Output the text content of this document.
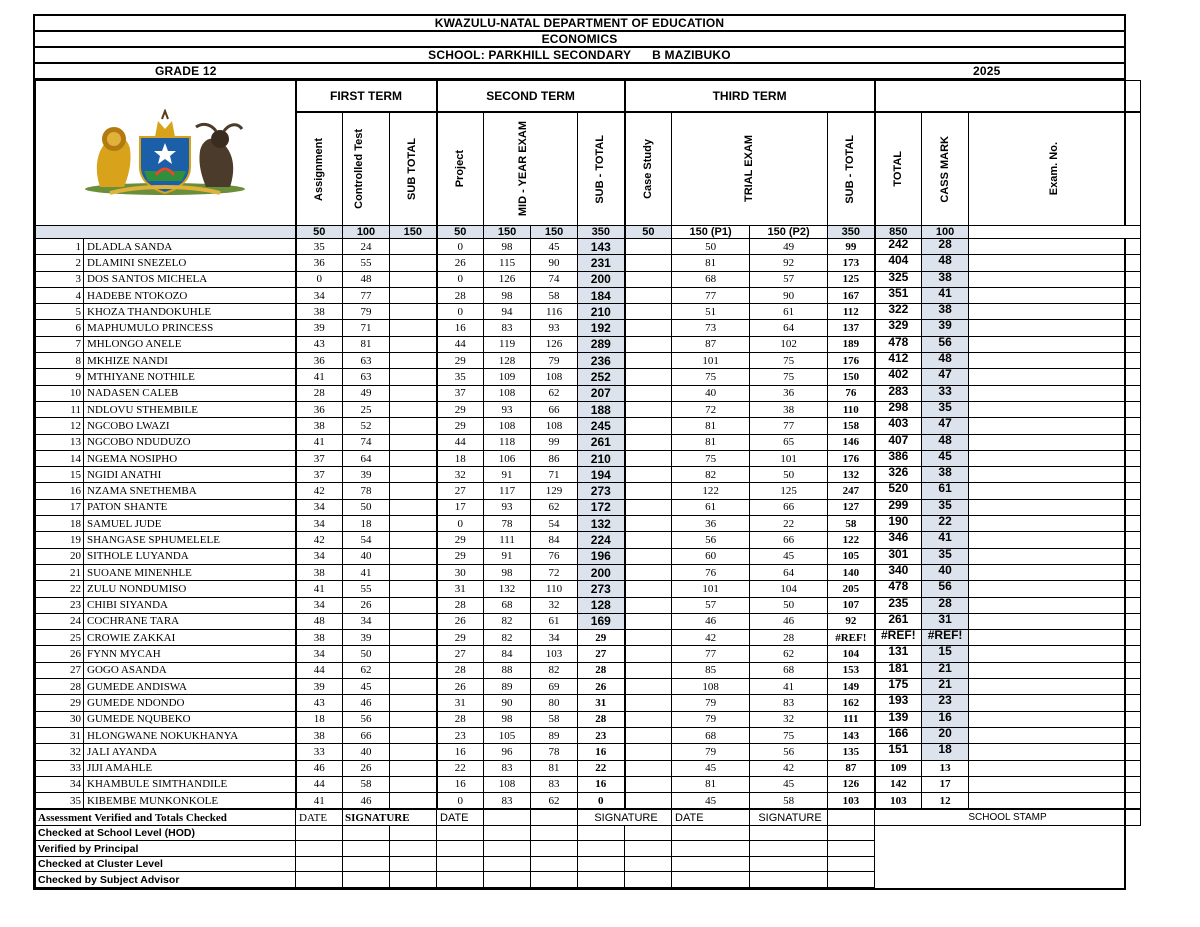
KWAZULU-NATAL DEPARTMENT OF EDUCATION
ECONOMICS
SCHOOL: PARKHILL SECONDARY      B MAZIBUKO
GRADE 12	2025

	FIRST TERM			SECOND TERM				THIRD TERM						

		Assignment	Controlled Test	SUB TOTAL	Project	MID - YEAR EXAM		SUB - TOTAL	Case Study	TRIAL EXAM		SUB - TOTAL	TOTAL	CASS MARK	Exam. No.

		50	100	150	50	150	150	350	50	150 (P1)	150 (P2)	350	850	100	
1	DLADLA SANDA	35	24		0	98	45	143		50	49	99	242	28	
2	DLAMINI SNEZELO	36	55		26	115	90	231		81	92	173	404	48	
3	DOS SANTOS MICHELA	0	48		0	126	74	200		68	57	125	325	38	
4	HADEBE NTOKOZO	34	77		28	98	58	184		77	90	167	351	41	
5	KHOZA THANDOKUHLE	38	79		0	94	116	210		51	61	112	322	38	
6	MAPHUMULO PRINCESS	39	71		16	83	93	192		73	64	137	329	39	
7	MHLONGO ANELE	43	81		44	119	126	289		87	102	189	478	56	
8	MKHIZE NANDI	36	63		29	128	79	236		101	75	176	412	48	
9	MTHIYANE NOTHILE	41	63		35	109	108	252		75	75	150	402	47	
10	NADASEN CALEB	28	49		37	108	62	207		40	36	76	283	33	
11	NDLOVU STHEMBILE	36	25		29	93	66	188		72	38	110	298	35	
12	NGCOBO LWAZI	38	52		29	108	108	245		81	77	158	403	47	
13	NGCOBO NDUDUZO	41	74		44	118	99	261		81	65	146	407	48	
14	NGEMA NOSIPHO	37	64		18	106	86	210		75	101	176	386	45	
15	NGIDI ANATHI	37	39		32	91	71	194		82	50	132	326	38	
16	NZAMA SNETHEMBA	42	78		27	117	129	273		122	125	247	520	61	
17	PATON SHANTE	34	50		17	93	62	172		61	66	127	299	35	
18	SAMUEL JUDE	34	18		0	78	54	132		36	22	58	190	22	
19	SHANGASE SPHUMELELE	42	54		29	111	84	224		56	66	122	346	41	
20	SITHOLE LUYANDA	34	40		29	91	76	196		60	45	105	301	35	
21	SUOANE MINENHLE	38	41		30	98	72	200		76	64	140	340	40	
22	ZULU NONDUMISO	41	55		31	132	110	273		101	104	205	478	56	
23	CHIBI SIYANDA	34	26		28	68	32	128		57	50	107	235	28	
24	COCHRANE TARA	48	34		26	82	61	169		46	46	92	261	31	
25	CROWIE ZAKKAI	38	39		29	82	34	29		42	28	#REF!	#REF!	#REF!	
26	FYNN MYCAH	34	50		27	84	103	27		77	62	104	131	15	
27	GOGO ASANDA	44	62		28	88	82	28		85	68	153	181	21	
28	GUMEDE ANDISWA	39	45		26	89	69	26		108	41	149	175	21	
29	GUMEDE NDONDO	43	46		31	90	80	31		79	83	162	193	23	
30	GUMEDE NQUBEKO	18	56		28	98	58	28		79	32	111	139	16	
31	HLONGWANE NOKUKHANYA	38	66		23	105	89	23		68	75	143	166	20	
32	JALI AYANDA	33	40		16	96	78	16		79	56	135	151	18	
33	JIJI AMAHLE	46	26		22	83	81	22		45	42	87	109	13	
34	KHAMBULE SIMTHANDILE	44	58		16	108	83	16		81	45	126	142	17	
35	KIBEMBE MUNKONKOLE	41	46		0	83	62	0		45	58	103	103	12	
Assessment Verified and Totals Checked	DATE	SIGNATURE		DATE			SIGNATURE		DATE	SIGNATURE		SCHOOL STAMP
Checked at School Level (HOD)												
Verified by Principal												
Checked at Cluster Level												
Checked by Subject Advisor												
